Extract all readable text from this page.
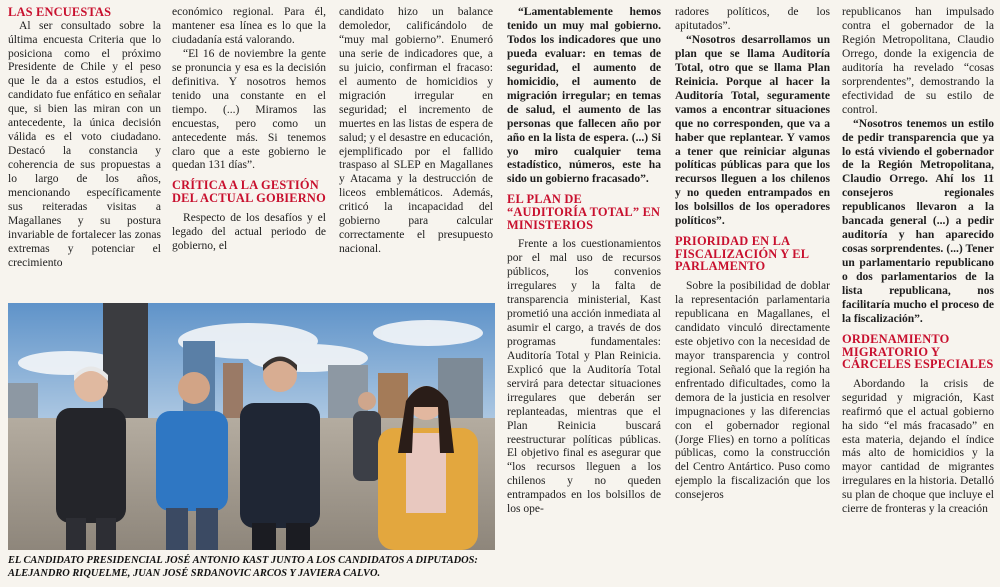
LAS ENCUESTAS

Al ser consultado sobre la última encuesta Criteria que lo posiciona como el próximo Presidente de Chile y el peso que le da a estos estudios, el candidato fue enfático en señalar que, si bien las miran con un antecedente, la única decisión válida es el voto ciudadano. Destacó la constancia y coherencia de sus propuestas a lo largo de los años, mencionando específicamente sus reiteradas visitas a Magallanes y su postura invariable de fortalecer las zonas extremas y potenciar el crecimiento

económico regional. Para él, mantener esa línea es lo que la ciudadanía está valorando.

“El 16 de noviembre la gente se pronuncia y esa es la decisión definitiva. Y nosotros hemos tenido una constante en el tiempo. (...) Miramos las encuestas, pero como un antecedente más. Si tenemos claro que a este gobierno le quedan 131 días”.

CRÍTICA A LA GESTIÓN DEL ACTUAL GOBIERNO

Respecto de los desafíos y el legado del actual periodo de gobierno, el

candidato hizo un balance demoledor, calificándolo de “muy mal gobierno”. Enumeró una serie de indicadores que, a su juicio, confirman el fracaso: el aumento de homicidios y migración irregular en seguridad; el incremento de muertes en las listas de espera de salud; y el desastre en educación, ejemplificado por el fallido traspaso al SLEP en Magallanes y Atacama y la destrucción de liceos emblemáticos. Además, criticó la incapacidad del gobierno para calcular correctamente el presupuesto nacional.

“Lamentablemente hemos tenido un muy mal gobierno. Todos los indicadores que uno pueda evaluar: en temas de seguridad, el aumento de homicidio, el aumento de migración irregular; en temas de salud, el aumento de las personas que fallecen año por año en la lista de espera. (...) Si yo miro cualquier tema estadístico, números, este ha sido un gobierno fracasado”.

EL PLAN DE “AUDITORÍA TOTAL” EN MINISTERIOS

Frente a los cuestionamientos por el mal uso de recursos públicos, los convenios irregulares y la falta de transparencia ministerial, Kast prometió una acción inmediata al asumir el cargo, a través de dos programas fundamentales: Auditoría Total y Plan Reinicia. Explicó que la Auditoría Total servirá para detectar situaciones irregulares que deberán ser replanteadas, mientras que el Plan Reinicia buscará reestructurar políticas públicas. El objetivo final es asegurar que “los recursos lleguen a los chilenos y no queden entrampados en los bolsillos de los ope-

radores políticos, de los apitutados”.

“Nosotros desarrollamos un plan que se llama Auditoría Total, otro que se llama Plan Reinicia. Porque al hacer la Auditoría Total, seguramente vamos a encontrar situaciones que no corresponden, que va a haber que replantear. Y vamos a tener que reiniciar algunas políticas públicas para que los recursos lleguen a los chilenos y no queden entrampados en los bolsillos de los operadores políticos”.

PRIORIDAD EN LA FISCALIZACIÓN Y EL PARLAMENTO

Sobre la posibilidad de doblar la representación parlamentaria republicana en Magallanes, el candidato vinculó directamente este objetivo con la necesidad de mayor transparencia y control regional. Señaló que la región ha enfrentado dificultades, como la demora de la justicia en resolver impugnaciones y las diferencias con el gobernador regional (Jorge Flies) en torno a políticas públicas, como la construcción del Centro Antártico. Puso como ejemplo la fiscalización que los consejeros

republicanos han impulsado contra el gobernador de la Región Metropolitana, Claudio Orrego, donde la exigencia de auditoría ha revelado “cosas sorprendentes”, demostrando la efectividad de su estilo de control.

“Nosotros tenemos un estilo de pedir transparencia que ya lo está viviendo el gobernador de la Región Metropolitana, Claudio Orrego. Ahí los 11 consejeros regionales republicanos llevaron a la bancada general (...) a pedir auditoría y han aparecido cosas sorprendentes. (...) Tener un parlamentario republicano o dos parlamentarios de la lista republicana, nos facilitaría mucho el proceso de la fiscalización”.

ORDENAMIENTO MIGRATORIO Y CÁRCELES ESPECIALES

Abordando la crisis de seguridad y migración, Kast reafirmó que el actual gobierno ha sido “el más fracasado” en esta materia, dejando el índice más alto de homicidios y la mayor cantidad de migrantes irregulares en la historia. Detalló su plan de choque que incluye el cierre de fronteras y la creación

EL CANDIDATO PRESIDENCIAL JOSÉ ANTONIO KAST JUNTO A LOS CANDIDATOS A DIPUTADOS: ALEJANDRO RIQUELME, JUAN JOSÉ SRDANOVIC ARCOS Y JAVIERA CALVO.
